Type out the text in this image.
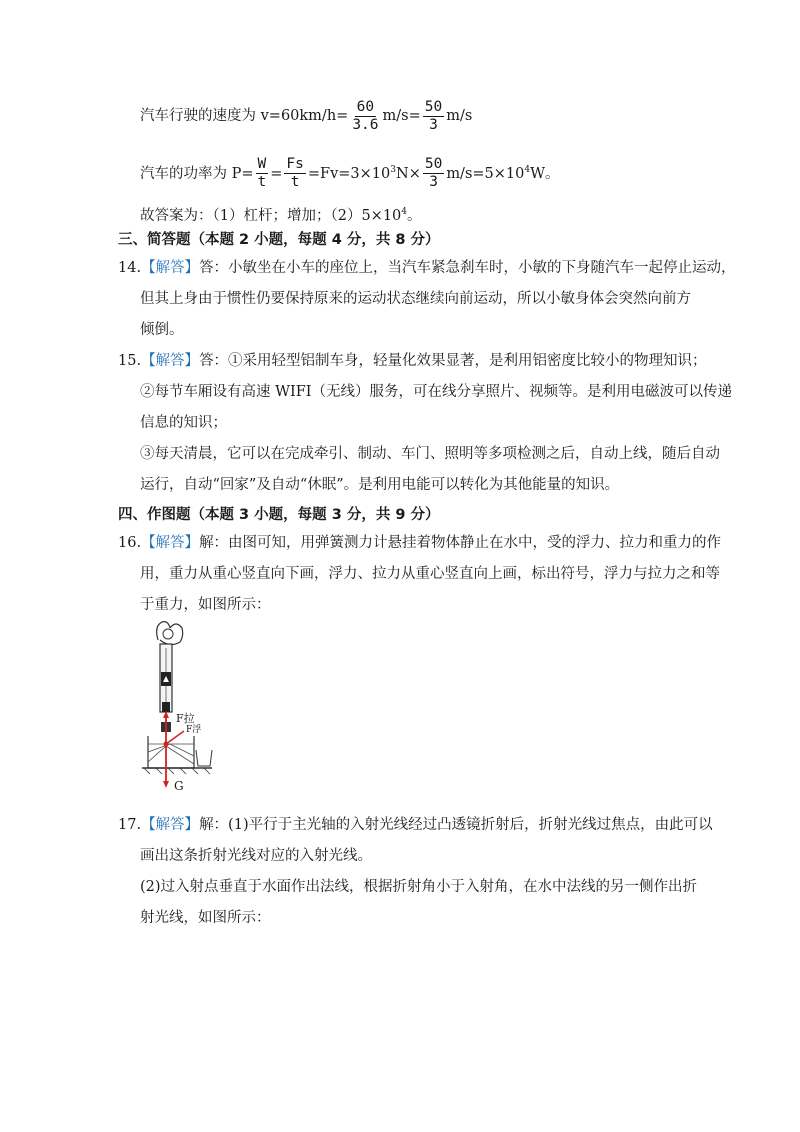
汽车行驶的速度为 $v=60km/h= \frac{60}{3.6} m/s= \frac{50}{3} m/s$
汽车的功率为 $P= \frac{W}{t} = \frac{Fs}{t} =Fv=3\times 10^3N\times \frac{50}{3} m/s=5\times 10^4W$。
故答案为：（1）杠杆；增加；$(2)5\times 10^4$。
三、简答题（本题 2 小题，每题 4 分，共 8 分）
14.【解答】答：小敏坐在小车的座位上，当汽车紧急刹车时，小敏的下身随汽车一起停止运动，
但其上身由于惯性仍要保持原来的运动状态继续向前运动，所以小敏身体会突然向前方
倾倒。
15.【解答】答：①采用轻型铝制车身，轻量化效果显著，是利用铝密度比较小的物理知识；
②每节车厢设有高速 WIFI（无线）服务，可在线分享照片、视频等。是利用电磁波可以传递
信息的知识；
③每天清晨，它可以在完成牵引、制动、车门、照明等多项检测之后，自动上线，随后自动
运行，自动“回家”及自动“休眠”。是利用电能可以转化为其他能量的知识。
四、作图题（本题 3 小题，每题 3 分，共 9 分）
16.【解答】解：由图可知，用弹簧测力计悬挂着物体静止在水中，受的浮力、拉力和重力的作
用，重力从重心竖直向下画，浮力、拉力从重心竖直向上画，标出符号，浮力与拉力之和等
于重力，如图所示：
F拉
F浮
G
17.【解答】解：(1)平行于主光轴的入射光线经过凸透镜折射后，折射光线过焦点，由此可以
画出这条折射光线对应的入射光线。
(2)过入射点垂直于水面作出法线，根据折射角小于入射角，在水中法线的另一侧作出折
射光线，如图所示：
